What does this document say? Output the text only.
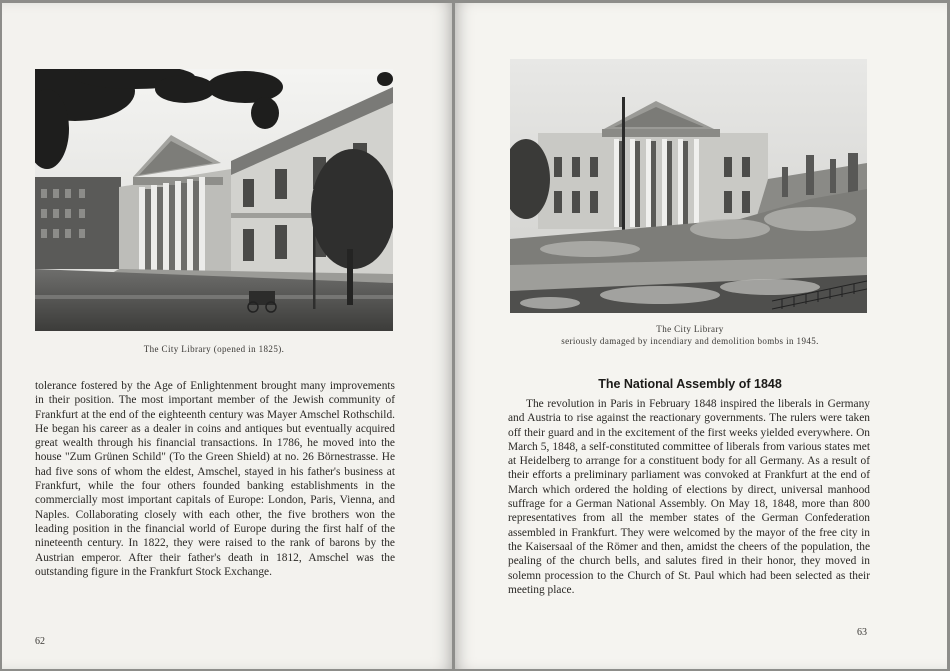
The City Library (opened in 1825).

tolerance fostered by the Age of Enlightenment brought many improvements in their position. The most important member of the Jewish community of Frankfurt at the end of the eighteenth century was Mayer Amschel Rothschild. He began his career as a dealer in coins and antiques but eventually acquired great wealth through his financial transactions. In 1786, he moved into the house "Zum Grünen Schild" (To the Green Shield) at no. 26 Börnestrasse. He had five sons of whom the eldest, Amschel, stayed in his father's business at Frankfurt, while the four others founded banking establishments in the commercially most important capitals of Europe: London, Paris, Vienna, and Naples. Collaborating closely with each other, the five brothers won the leading position in the financial world of Europe during the first half of the nineteenth century. In 1822, they were raised to the rank of barons by the Austrian emperor. After their father's death in 1812, Amschel was the outstanding figure in the Frankfurt Stock Exchange.

62

The City Library
seriously damaged by incendiary and demolition bombs in 1945.

The National Assembly of 1848

The revolution in Paris in February 1848 inspired the liberals in Germany and Austria to rise against the reactionary governments. The rulers were taken off their guard and in the excitement of the first weeks yielded everywhere. On March 5, 1848, a self-constituted committee of liberals from various states met at Heidelberg to arrange for a constituent body for all Germany. As a result of their efforts a preliminary parliament was convoked at Frankfurt at the end of March which ordered the holding of elections by direct, universal manhood suffrage for a German National Assembly. On May 18, 1848, more than 800 representatives from all the member states of the German Confederation assembled in Frankfurt. They were welcomed by the mayor of the free city in the Kaisersaal of the Römer and then, amidst the cheers of the population, the pealing of the church bells, and salutes fired in their honor, they moved in solemn procession to the Church of St. Paul which had been selected as their meeting place.

63
